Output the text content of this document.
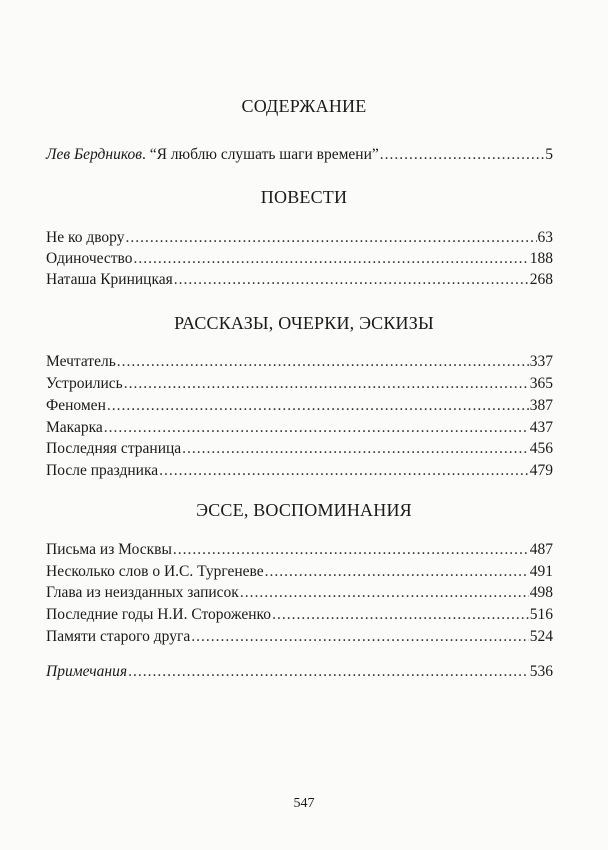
СОДЕРЖАНИЕ
Лев Бердников. “Я люблю слушать шаги времени” .....	5
ПОВЕСТИ
Не ко двору .....	63
Одиночество .....	188
Наташа Криницкая .....	268
РАССКАЗЫ, ОЧЕРКИ, ЭСКИЗЫ
Мечтатель .....	337
Устроились .....	365
Феномен .....	387
Макарка .....	437
Последняя страница .....	456
После праздника .....	479
ЭССЕ, ВОСПОМИНАНИЯ
Письма из Москвы .....	487
Несколько слов о И.С. Тургеневе .....	491
Глава из неизданных записок .....	498
Последние годы Н.И. Стороженко .....	516
Памяти старого друга .....	524
Примечания .....	536
547
